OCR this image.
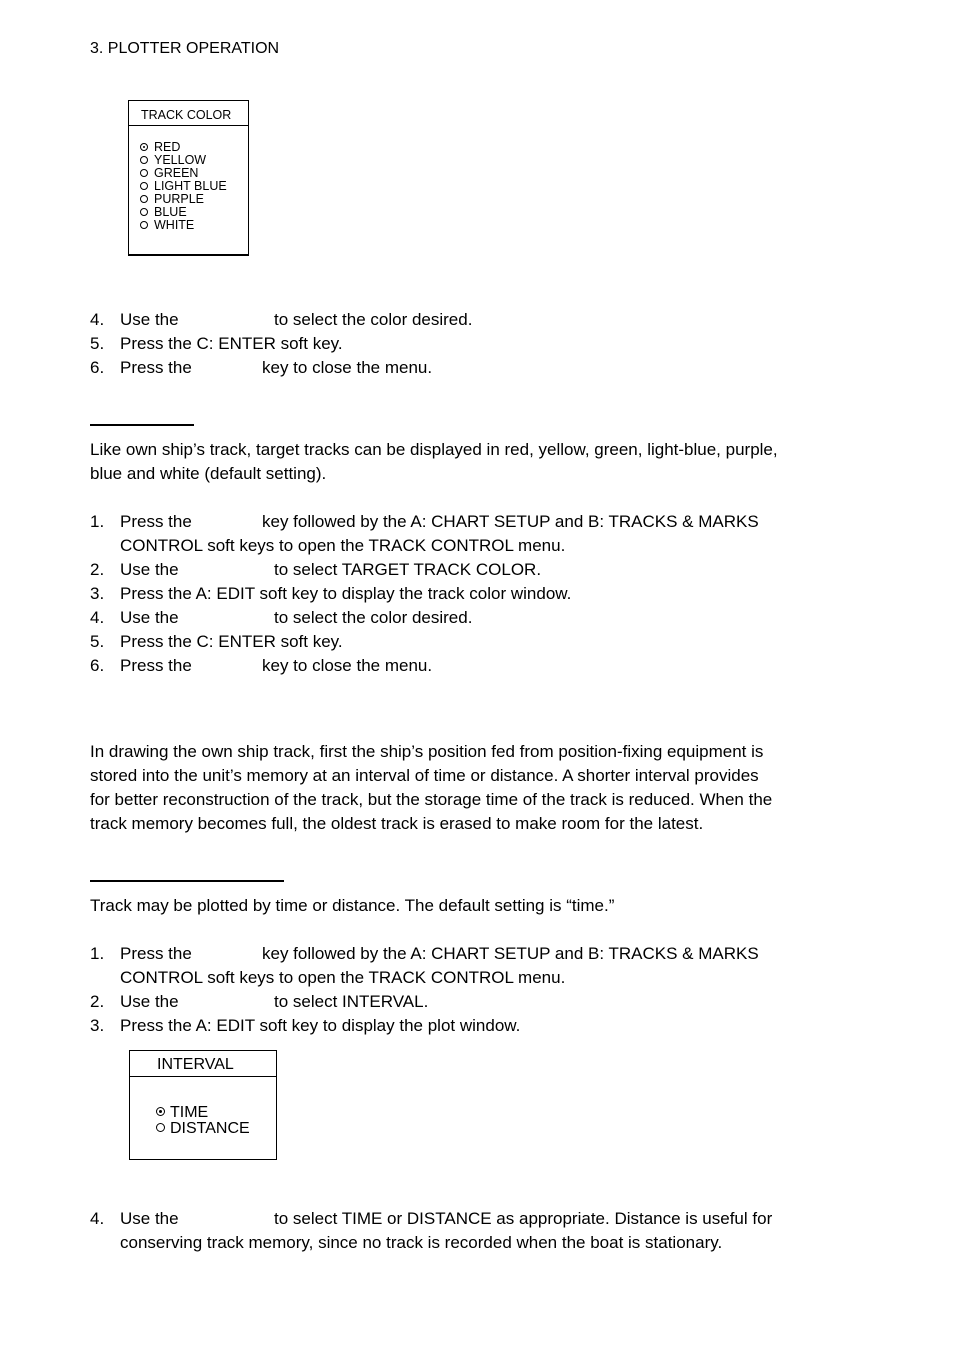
3. PLOTTER OPERATION
TRACK COLOR
RED
YELLOW
GREEN
LIGHT BLUE
PURPLE
BLUE
WHITE
4. Use the	to select the color desired.
5. Press the C: ENTER soft key.
6. Press the	key to close the menu.
Like own ship’s track, target tracks can be displayed in red, yellow, green, light-blue, purple,
blue and white (default setting).
1. Press the	key followed by the A: CHART SETUP and B: TRACKS & MARKS
CONTROL soft keys to open the TRACK CONTROL menu.
2. Use the	to select TARGET TRACK COLOR.
3. Press the A: EDIT soft key to display the track color window.
4. Use the	to select the color desired.
5. Press the C: ENTER soft key.
6. Press the	key to close the menu.
In drawing the own ship track, first the ship’s position fed from position-fixing equipment is
stored into the unit’s memory at an interval of time or distance. A shorter interval provides
for better reconstruction of the track, but the storage time of the track is reduced. When the
track memory becomes full, the oldest track is erased to make room for the latest.
Track may be plotted by time or distance. The default setting is “time.”
1. Press the	key followed by the A: CHART SETUP and B: TRACKS & MARKS
CONTROL soft keys to open the TRACK CONTROL menu.
2. Use the	to select INTERVAL.
3. Press the A: EDIT soft key to display the plot window.
INTERVAL
TIME
DISTANCE
4. Use the	to select TIME or DISTANCE as appropriate. Distance is useful for
conserving track memory, since no track is recorded when the boat is stationary.
